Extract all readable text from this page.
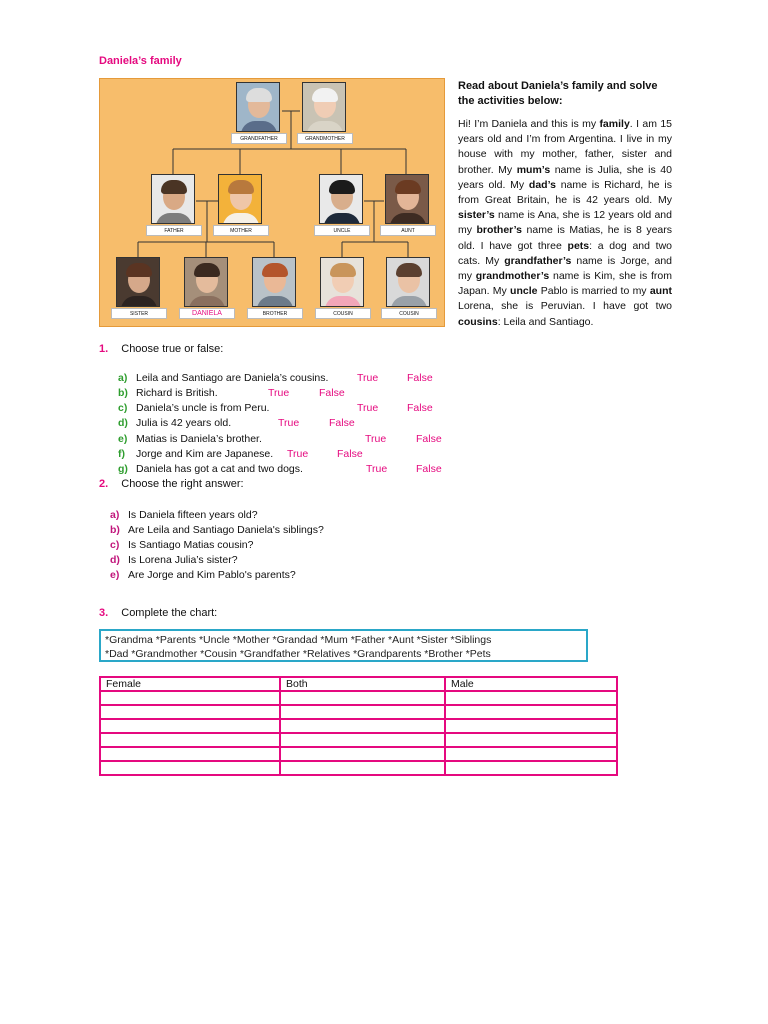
Daniela’s family
GRANDFATHER	GRANDMOTHER
FATHER	MOTHER	UNCLE	AUNT
SISTER	DANIELA	BROTHER	COUSIN	COUSIN
Read about Daniela’s family and solve the activities below:
Hi! I’m Daniela and this is my family. I am 15 years old and I’m from Argentina. I live in my house with my mother, father, sister and brother. My mum’s name is Julia, she is 40 years old. My dad’s name is Richard, he is from Great Britain, he is 42 years old. My sister’s name is Ana, she is 12 years old and my brother’s name is Matias, he is 8 years old. I have got three pets: a dog and two cats. My grandfather’s name is Jorge, and my grandmother’s name is Kim, she is from Japan. My uncle Pablo is married to my aunt Lorena, she is Peruvian. I have got two cousins: Leila and Santiago.
1. Choose true or false:
a) Leila and Santiago are Daniela’s cousins.	True	False
b) Richard is British.	True	False
c) Daniela’s uncle is from Peru.	True	False
d) Julia is 42 years old.	True	False
e) Matias is Daniela’s brother.	True	False
f) Jorge and Kim are Japanese. True	False
g) Daniela has got a cat and two dogs.	True	False
2. Choose the right answer:
a) Is Daniela fifteen years old?
b) Are Leila and Santiago Daniela's siblings?
c) Is Santiago Matias cousin?
d) Is Lorena Julia’s sister?
e) Are Jorge and Kim Pablo's parents?
3. Complete the chart:
*Grandma *Parents *Uncle *Mother *Grandad *Mum *Father *Aunt *Sister *Siblings
*Dad *Grandmother *Cousin *Grandfather *Relatives *Grandparents *Brother *Pets
Female	Both	Male
